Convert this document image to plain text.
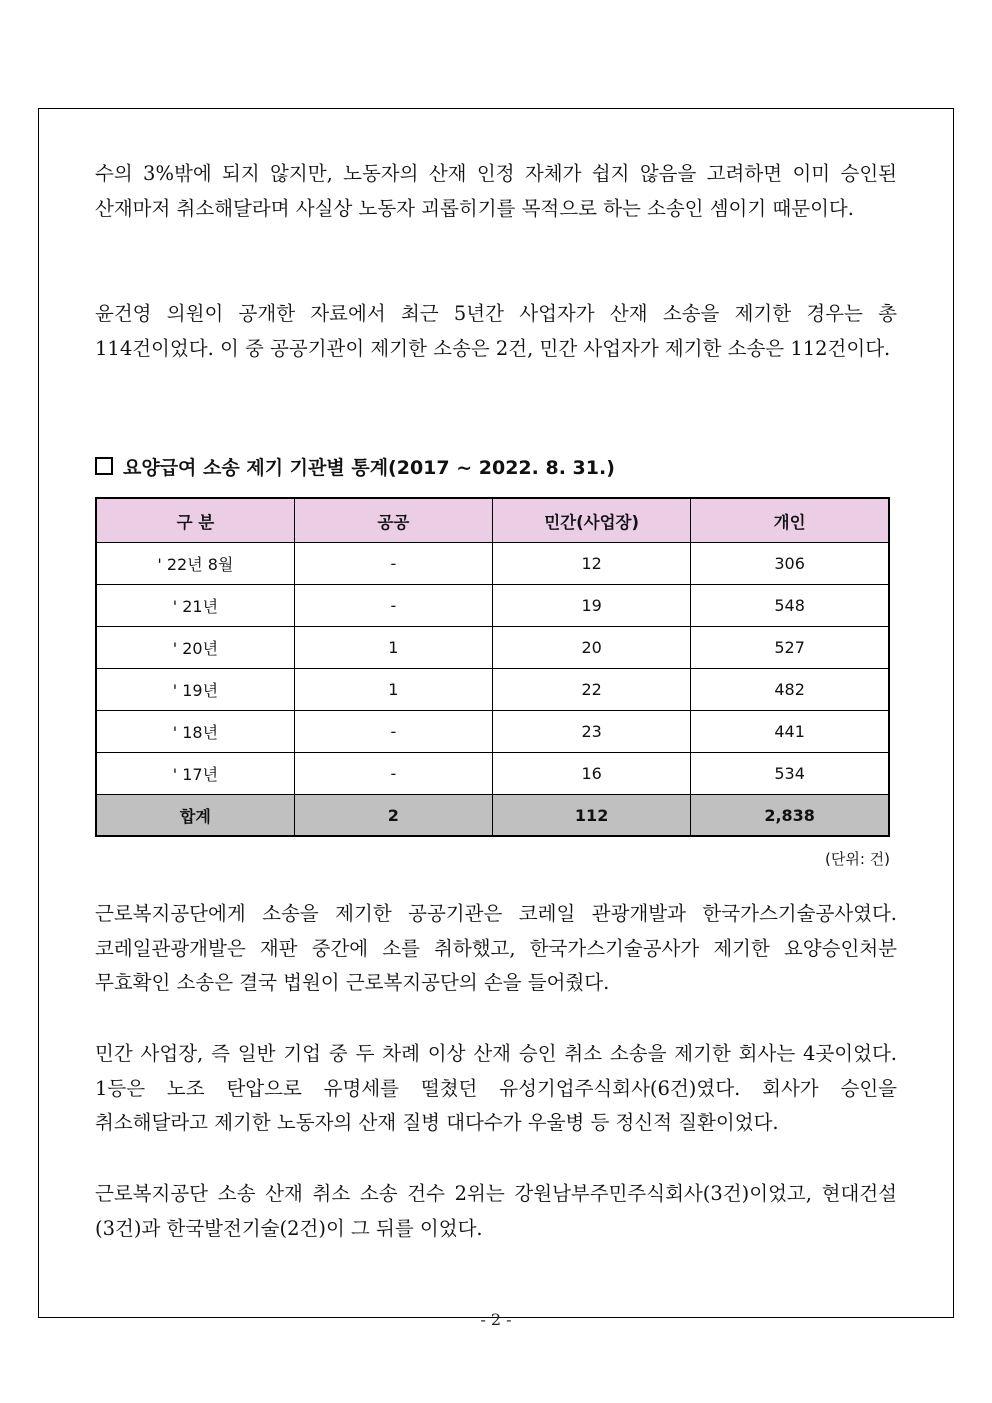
수의 3%밖에 되지 않지만, 노동자의 산재 인정 자체가 쉽지 않음을 고려하면 이미 승인된 산재마저 취소해달라며 사실상 노동자 괴롭히기를 목적으로 하는 소송인 셈이기 때문이다.

윤건영 의원이 공개한 자료에서 최근 5년간 사업자가 산재 소송을 제기한 경우는 총 114건이었다. 이 중 공공기관이 제기한 소송은 2건, 민간 사업자가 제기한 소송은 112건이다.

요양급여 소송 제기 기관별 통계(2017 ~ 2022. 8. 31.)
구 분	공공	민간(사업장)	개인
' 22년 8월	-	12	306
' 21년	-	19	548
' 20년	1	20	527
' 19년	1	22	482
' 18년	-	23	441
' 17년	-	16	534
합계	2	112	2,838
(단위: 건)

근로복지공단에게 소송을 제기한 공공기관은 코레일 관광개발과 한국가스기술공사였다. 코레일관광개발은 재판 중간에 소를 취하했고, 한국가스기술공사가 제기한 요양승인처분 무효확인 소송은 결국 법원이 근로복지공단의 손을 들어줬다.

민간 사업장, 즉 일반 기업 중 두 차례 이상 산재 승인 취소 소송을 제기한 회사는 4곳이었다. 1등은 노조 탄압으로 유명세를 떨쳤던 유성기업주식회사(6건)였다. 회사가 승인을 취소해달라고 제기한 노동자의 산재 질병 대다수가 우울병 등 정신적 질환이었다.

근로복지공단 소송 산재 취소 소송 건수 2위는 강원남부주민주식회사(3건)이었고, 현대건설(3건)과 한국발전기술(2건)이 그 뒤를 이었다.

- 2 -
